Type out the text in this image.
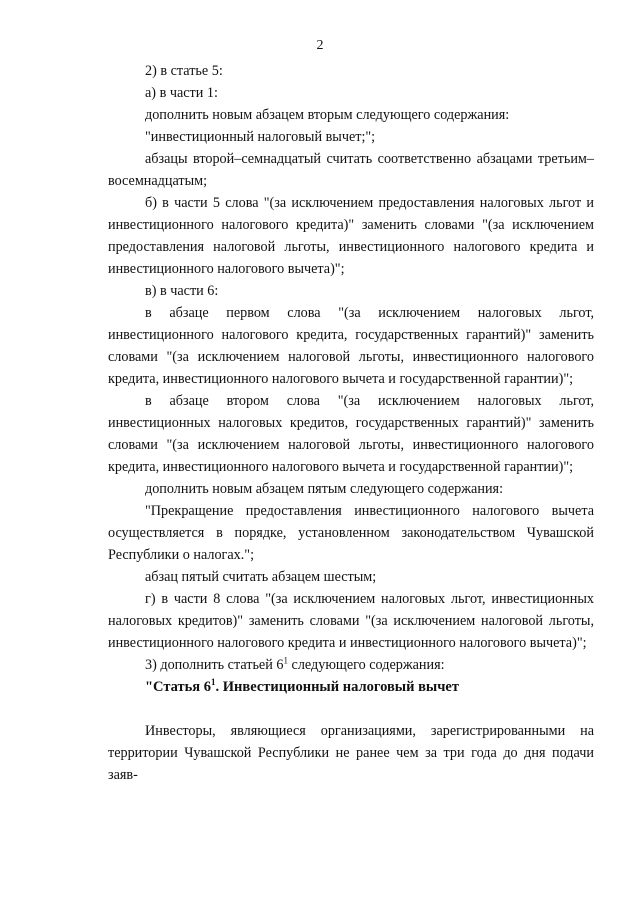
2

2) в статье 5:

а) в части 1:

дополнить новым абзацем вторым следующего содержания:

"инвестиционный налоговый вычет;";

абзацы второй–семнадцатый считать соответственно абзацами третьим–восемнадцатым;

б) в части 5 слова "(за исключением предоставления налоговых льгот и инвестиционного налогового кредита)" заменить словами "(за исключением предоставления налоговой льготы, инвестиционного налогового кредита и инвестиционного налогового вычета)";

в) в части 6:

в абзаце первом слова "(за исключением налоговых льгот, инвестиционного налогового кредита, государственных гарантий)" заменить словами "(за исключением налоговой льготы, инвестиционного налогового кредита, инвестиционного налогового вычета и государственной гарантии)";

в абзаце втором слова "(за исключением налоговых льгот, инвестиционных налоговых кредитов, государственных гарантий)" заменить словами "(за исключением налоговой льготы, инвестиционного налогового кредита, инвестиционного налогового вычета и государственной гарантии)";

дополнить новым абзацем пятым следующего содержания:

"Прекращение предоставления инвестиционного налогового вычета осуществляется в порядке, установленном законодательством Чувашской Республики о налогах.";

абзац пятый считать абзацем шестым;

г) в части 8 слова "(за исключением налоговых льгот, инвестиционных налоговых кредитов)" заменить словами "(за исключением налоговой льготы, инвестиционного налогового кредита и инвестиционного налогового вычета)";

3) дополнить статьей $6^1$ следующего содержания:

"Статья $6^1$. Инвестиционный налоговый вычет

Инвесторы, являющиеся организациями, зарегистрированными на территории Чувашской Республики не ранее чем за три года до дня подачи заяв-
